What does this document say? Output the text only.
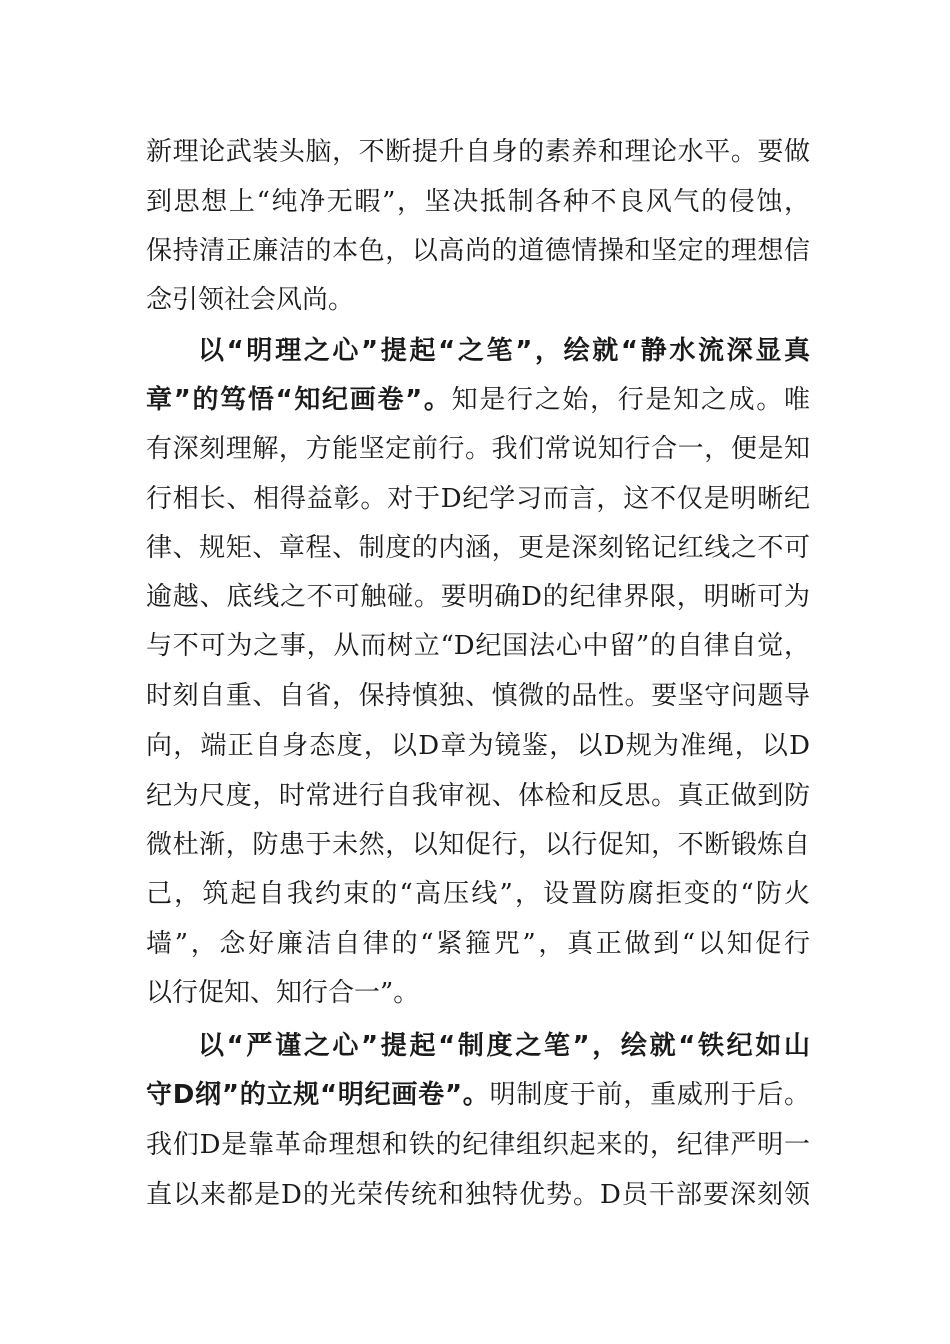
新理论武装头脑，不断提升自身的素养和理论水平。要做
到思想上“纯净无暇”，坚决抵制各种不良风气的侵蚀，
保持清正廉洁的本色，以高尚的道德情操和坚定的理想信
念引领社会风尚。
以“明理之心”提起“之笔”，绘就“静水流深显真
章”的笃悟“知纪画卷”。知是行之始，行是知之成。唯
有深刻理解，方能坚定前行。我们常说知行合一，便是知
行相长、相得益彰。对于D纪学习而言，这不仅是明晰纪
律、规矩、章程、制度的内涵，更是深刻铭记红线之不可
逾越、底线之不可触碰。要明确D的纪律界限，明晰可为
与不可为之事，从而树立“D纪国法心中留”的自律自觉，
时刻自重、自省，保持慎独、慎微的品性。要坚守问题导
向，端正自身态度，以D章为镜鉴，以D规为准绳，以D
纪为尺度，时常进行自我审视、体检和反思。真正做到防
微杜渐，防患于未然，以知促行，以行促知，不断锻炼自
己，筑起自我约束的“高压线”，设置防腐拒变的“防火
墙”，念好廉洁自律的“紧箍咒”，真正做到“以知促行
以行促知、知行合一”。
以“严谨之心”提起“制度之笔”，绘就“铁纪如山
守D纲”的立规“明纪画卷”。明制度于前，重威刑于后。
我们D是靠革命理想和铁的纪律组织起来的，纪律严明一
直以来都是D的光荣传统和独特优势。D员干部要深刻领
